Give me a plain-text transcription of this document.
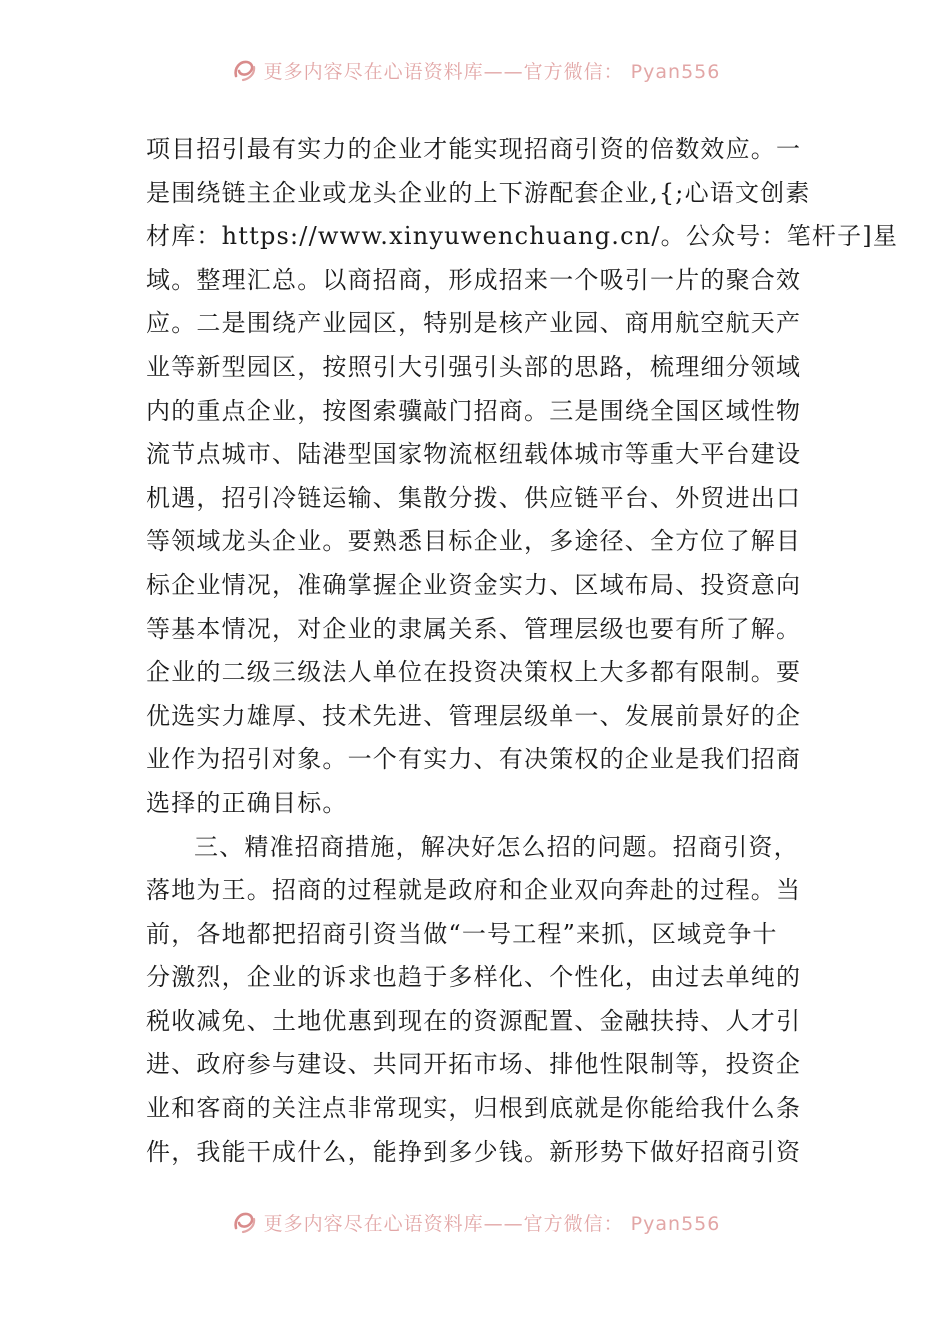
更多内容尽在心语资料库——官方微信： Pyan556
项目招引最有实力的企业才能实现招商引资的倍数效应。一
是围绕链主企业或龙头企业的上下游配套企业,{;心语文创素
材库：https://www.xinyuwenchuang.cn/。公众号：笔杆子]星
域。整理汇总。以商招商，形成招来一个吸引一片的聚合效
应。二是围绕产业园区，特别是核产业园、商用航空航天产
业等新型园区，按照引大引强引头部的思路，梳理细分领域
内的重点企业，按图索骥敲门招商。三是围绕全国区域性物
流节点城市、陆港型国家物流枢纽载体城市等重大平台建设
机遇，招引冷链运输、集散分拨、供应链平台、外贸进出口
等领域龙头企业。要熟悉目标企业，多途径、全方位了解目
标企业情况，准确掌握企业资金实力、区域布局、投资意向
等基本情况，对企业的隶属关系、管理层级也要有所了解。
企业的二级三级法人单位在投资决策权上大多都有限制。要
优选实力雄厚、技术先进、管理层级单一、发展前景好的企
业作为招引对象。一个有实力、有决策权的企业是我们招商
选择的正确目标。
三、精准招商措施，解决好怎么招的问题。招商引资，
落地为王。招商的过程就是政府和企业双向奔赴的过程。当
前，各地都把招商引资当做“一号工程”来抓，区域竞争十
分激烈，企业的诉求也趋于多样化、个性化，由过去单纯的
税收减免、土地优惠到现在的资源配置、金融扶持、人才引
进、政府参与建设、共同开拓市场、排他性限制等，投资企
业和客商的关注点非常现实，归根到底就是你能给我什么条
件，我能干成什么，能挣到多少钱。新形势下做好招商引资
更多内容尽在心语资料库——官方微信： Pyan556
